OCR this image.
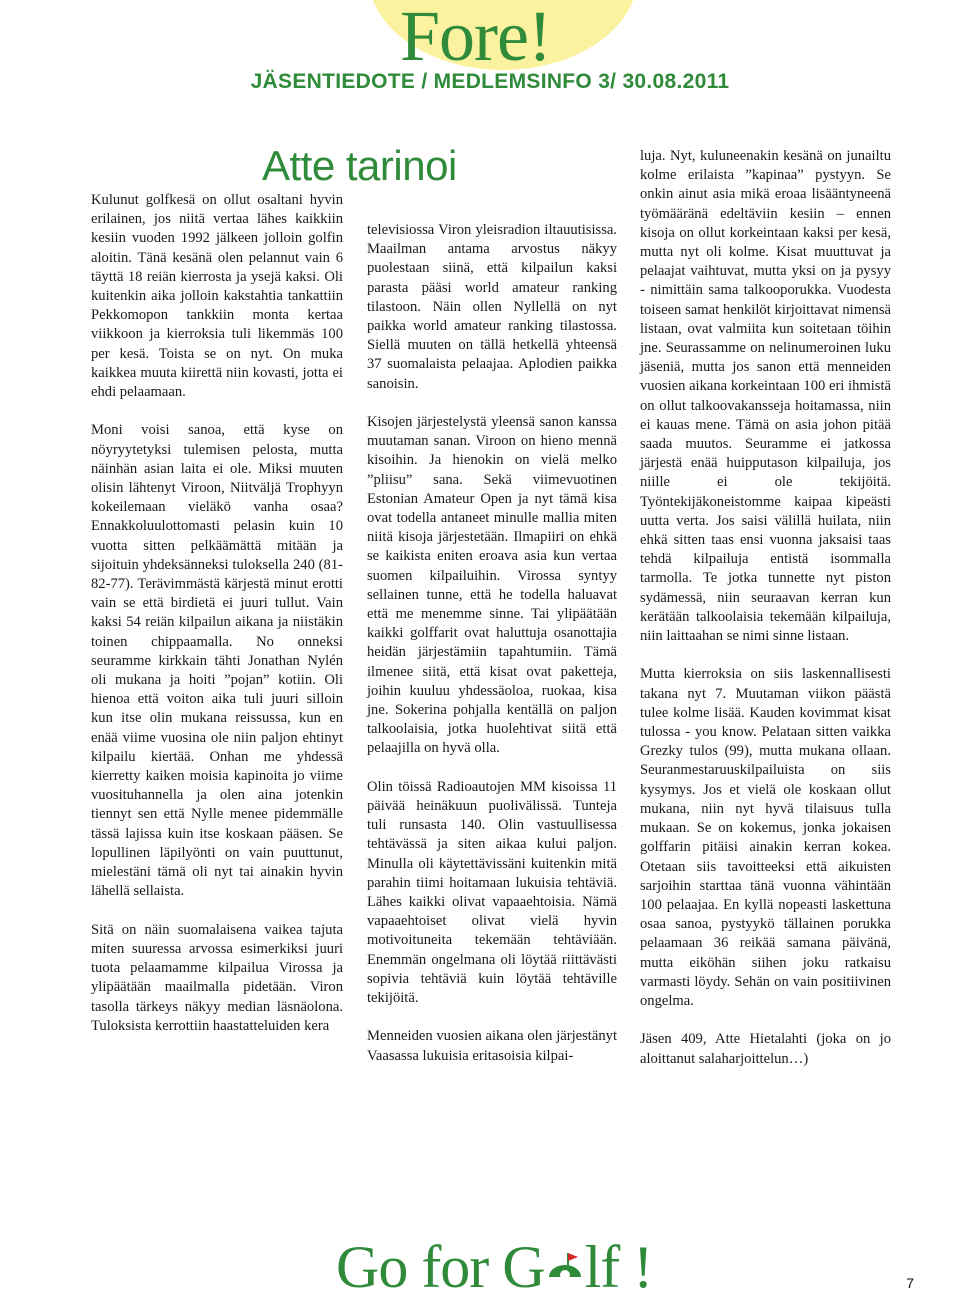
Fore!
JÄSENTIEDOTE / MEDLEMSINFO 3/ 30.08.2011
Atte tarinoi

Kulunut golfkesä on ollut osaltani hyvin erilainen, jos niitä vertaa lähes kaikkiin kesiin vuoden 1992 jälkeen jolloin golfin aloitin. Tänä kesänä olen pelannut vain 6 täyttä 18 reiän kierrosta ja ysejä kaksi. Oli kuitenkin aika jolloin kakstahtia tankattiin Pekkomopon tankkiin monta kertaa viikkoon ja kierroksia tuli likemmäs 100 per kesä. Toista se on nyt. On muka kaikkea muuta kiirettä niin kovasti, jotta ei ehdi pelaamaan.

Moni voisi sanoa, että kyse on nöyryytetyksi tulemisen pelosta, mutta näinhän asian laita ei ole. Miksi muuten olisin lähtenyt Viroon, Niitväljä Trophyyn kokeilemaan vieläkö vanha osaa? Ennakkoluulottomasti pelasin kuin 10 vuotta sitten pelkäämättä mitään ja sijoituin yhdeksänneksi tuloksella 240 (81-82-77). Terävimmästä kärjestä minut erotti vain se että birdietä ei juuri tullut. Vain kaksi 54 reiän kilpailun aikana ja niistäkin toinen chippaamalla. No onneksi seuramme kirkkain tähti Jonathan Nylén oli mukana ja hoiti ”pojan” kotiin. Oli hienoa että voiton aika tuli juuri silloin kun itse olin mukana reissussa, kun en enää viime vuosina ole niin paljon ehtinyt kilpailu kiertää. Onhan me yhdessä kierretty kaiken moisia kapinoita jo viime vuosituhannella ja olen aina jotenkin tiennyt sen että Nylle menee pidemmälle tässä lajissa kuin itse koskaan pääsen. Se lopullinen läpilyönti on vain puuttunut, mielestäni tämä oli nyt tai ainakin hyvin lähellä sellaista.

Sitä on näin suomalaisena vaikea tajuta miten suuressa arvossa esimerkiksi juuri tuota pelaamamme kilpailua Virossa ja ylipäätään maailmalla pidetään. Viron tasolla tärkeys näkyy median läsnäolona. Tuloksista kerrottiin haastatteluiden kera

televisiossa Viron yleisradion iltauutisissa. Maailman antama arvostus näkyy puolestaan siinä, että kilpailun kaksi parasta pääsi world amateur ranking tilastoon. Näin ollen Nyllellä on nyt paikka world amateur ranking tilastossa. Siellä muuten on tällä hetkellä yhteensä 37 suomalaista pelaajaa. Aplodien paikka sanoisin.

Kisojen järjestelystä yleensä sanon kanssa muutaman sanan. Viroon on hieno mennä kisoihin. Ja hienokin on vielä melko ”pliisu” sana. Sekä viimevuotinen Estonian Amateur Open ja nyt tämä kisa ovat todella antaneet minulle mallia miten niitä kisoja järjestetään. Ilmapiiri on ehkä se kaikista eniten eroava asia kun vertaa suomen kilpailuihin. Virossa syntyy sellainen tunne, että he todella haluavat että me menemme sinne. Tai ylipäätään kaikki golffarit ovat haluttuja osanottajia heidän järjestämiin tapahtumiin. Tämä ilmenee siitä, että kisat ovat paketteja, joihin kuuluu yhdessäoloa, ruokaa, kisa jne. Sokerina pohjalla kentällä on paljon talkoolaisia, jotka huolehtivat siitä että pelaajilla on hyvä olla.

Olin töissä Radioautojen MM kisoissa 11 päivää heinäkuun puolivälissä. Tunteja tuli runsasta 140. Olin vastuullisessa tehtävässä ja siten aikaa kului paljon. Minulla oli käytettävissäni kuitenkin mitä parahin tiimi hoitamaan lukuisia tehtäviä. Lähes kaikki olivat vapaaehtoisia. Nämä vapaaehtoiset olivat vielä hyvin motivoituneita tekemään tehtäviään. Enemmän ongelmana oli löytää riittävästi sopivia tehtäviä kuin löytää tehtäville tekijöitä.

Menneiden vuosien aikana olen järjestänyt Vaasassa lukuisia eritasoisia kilpai-

luja. Nyt, kuluneenakin kesänä on junailtu kolme erilaista ”kapinaa” pystyyn. Se onkin ainut asia mikä eroaa lisääntyneenä työmääränä edeltäviin kesiin – ennen kisoja on ollut korkeintaan kaksi per kesä, mutta nyt oli kolme. Kisat muuttuvat ja pelaajat vaihtuvat, mutta yksi on ja pysyy - nimittäin sama talkooporukka. Vuodesta toiseen samat henkilöt kirjoittavat nimensä listaan, ovat valmiita kun soitetaan töihin jne. Seurassamme on nelinumeroinen luku jäseniä, mutta jos sanon että menneiden vuosien aikana korkeintaan 100 eri ihmistä on ollut talkoovakansseja hoitamassa, niin ei kauas mene. Tämä on asia johon pitää saada muutos. Seuramme ei jatkossa järjestä enää huipputason kilpailuja, jos niille ei ole tekijöitä. Työntekijäkoneistomme kaipaa kipeästi uutta verta. Jos saisi välillä huilata, niin ehkä sitten taas ensi vuonna jaksaisi taas tehdä kilpailuja entistä isommalla tarmolla. Te jotka tunnette nyt piston sydämessä, niin seuraavan kerran kun kerätään talkoolaisia tekemään kilpailuja, niin laittaahan se nimi sinne listaan.

Mutta kierroksia on siis laskennallisesti takana nyt 7. Muutaman viikon päästä tulee kolme lisää. Kauden kovimmat kisat tulossa - you know. Pelataan sitten vaikka Grezky tulos (99), mutta mukana ollaan. Seuranmestaruuskilpailuista on siis kysymys. Jos et vielä ole koskaan ollut mukana, niin nyt hyvä tilaisuus tulla mukaan. Se on kokemus, jonka jokaisen golffarin pitäisi ainakin kerran kokea. Otetaan siis tavoitteeksi että aikuisten sarjoihin starttaa tänä vuonna vähintään 100 pelaajaa. En kyllä nopeasti laskettuna osaa sanoa, pystyykö tällainen porukka pelaamaan 36 reikää samana päivänä, mutta eiköhän siihen joku ratkaisu varmasti löydy. Sehän on vain positiivinen ongelma.

Jäsen 409, Atte Hietalahti (joka on jo aloittanut salaharjoittelun…)

Go for G lf !	7
